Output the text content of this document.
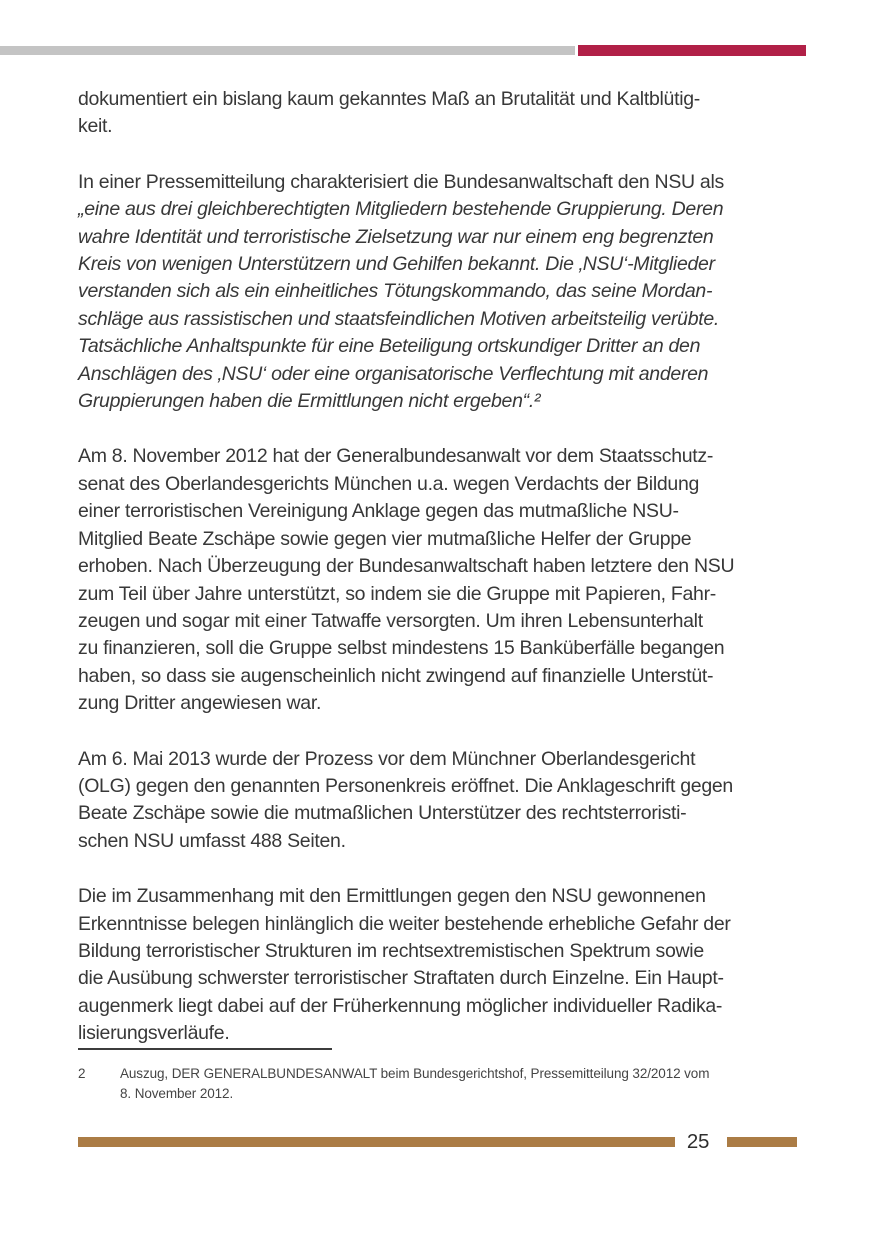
dokumentiert ein bislang kaum gekanntes Maß an Brutalität und Kaltblütig-
keit.
In einer Pressemitteilung charakterisiert die Bundesanwaltschaft den NSU als
„eine aus drei gleichberechtigten Mitgliedern bestehende Gruppierung. Deren
wahre Identität und terroristische Zielsetzung war nur einem eng begrenzten
Kreis von wenigen Unterstützern und Gehilfen bekannt. Die ‚NSU‘-Mitglieder
verstanden sich als ein einheitliches Tötungskommando, das seine Mordan-
schläge aus rassistischen und staatsfeindlichen Motiven arbeitsteilig verübte.
Tatsächliche Anhaltspunkte für eine Beteiligung ortskundiger Dritter an den
Anschlägen des ‚NSU‘ oder eine organisatorische Verflechtung mit anderen
Gruppierungen haben die Ermittlungen nicht ergeben“.²
Am 8. November 2012 hat der Generalbundesanwalt vor dem Staatsschutz-
senat des Oberlandesgerichts München u.a. wegen Verdachts der Bildung
einer terroristischen Vereinigung Anklage gegen das mutmaßliche NSU-
Mitglied Beate Zschäpe sowie gegen vier mutmaßliche Helfer der Gruppe
erhoben. Nach Überzeugung der Bundesanwaltschaft haben letztere den NSU
zum Teil über Jahre unterstützt, so indem sie die Gruppe mit Papieren, Fahr-
zeugen und sogar mit einer Tatwaffe versorgten. Um ihren Lebensunterhalt
zu finanzieren, soll die Gruppe selbst mindestens 15 Banküberfälle begangen
haben, so dass sie augenscheinlich nicht zwingend auf finanzielle Unterstüt-
zung Dritter angewiesen war.
Am 6. Mai 2013 wurde der Prozess vor dem Münchner Oberlandesgericht
(OLG) gegen den genannten Personenkreis eröffnet. Die Anklageschrift gegen
Beate Zschäpe sowie die mutmaßlichen Unterstützer des rechtsterroristi-
schen NSU umfasst 488 Seiten.
Die im Zusammenhang mit den Ermittlungen gegen den NSU gewonnenen
Erkenntnisse belegen hinlänglich die weiter bestehende erhebliche Gefahr der
Bildung terroristischer Strukturen im rechtsextremistischen Spektrum sowie
die Ausübung schwerster terroristischer Straftaten durch Einzelne. Ein Haupt-
augenmerk liegt dabei auf der Früherkennung möglicher individueller Radika-
lisierungsverläufe.
2	Auszug, DER GENERALBUNDESANWALT beim Bundesgerichtshof, Pressemitteilung 32/2012 vom
8. November 2012.
25
